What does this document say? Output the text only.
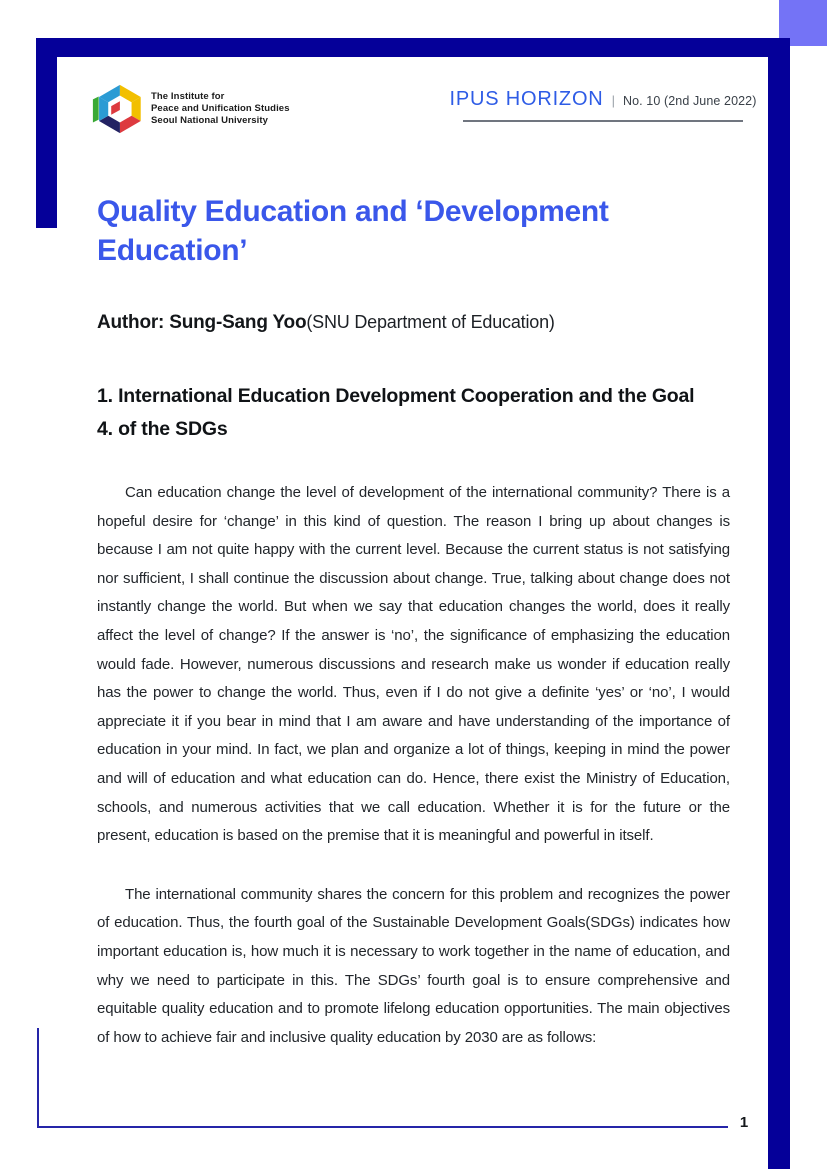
The Institute for
Peace and Unification Studies
Seoul National University
IPUS HORIZON | No. 10 (2nd June 2022)
Quality Education and ‘Development Education’

Author: Sung-Sang Yoo(SNU Department of Education)

1. International Education Development Cooperation and the Goal 4. of the SDGs

Can education change the level of development of the international community? There is a hopeful desire for ‘change’ in this kind of question. The reason I bring up about changes is because I am not quite happy with the current level. Because the current status is not satisfying nor sufficient, I shall continue the discussion about change. True, talking about change does not instantly change the world. But when we say that education changes the world, does it really affect the level of change? If the answer is ‘no’, the significance of emphasizing the education would fade. However, numerous discussions and research make us wonder if education really has the power to change the world. Thus, even if I do not give a definite ‘yes’ or ‘no’, I would appreciate it if you bear in mind that I am aware and have understanding of the importance of education in your mind. In fact, we plan and organize a lot of things, keeping in mind the power and will of education and what education can do. Hence, there exist the Ministry of Education, schools, and numerous activities that we call education. Whether it is for the future or the present, education is based on the premise that it is meaningful and powerful in itself.

The international community shares the concern for this problem and recognizes the power of education. Thus, the fourth goal of the Sustainable Development Goals(SDGs) indicates how important education is, how much it is necessary to work together in the name of education, and why we need to participate in this. The SDGs’ fourth goal is to ensure comprehensive and equitable quality education and to promote lifelong education opportunities. The main objectives of how to achieve fair and inclusive quality education by 2030 are as follows:

1
